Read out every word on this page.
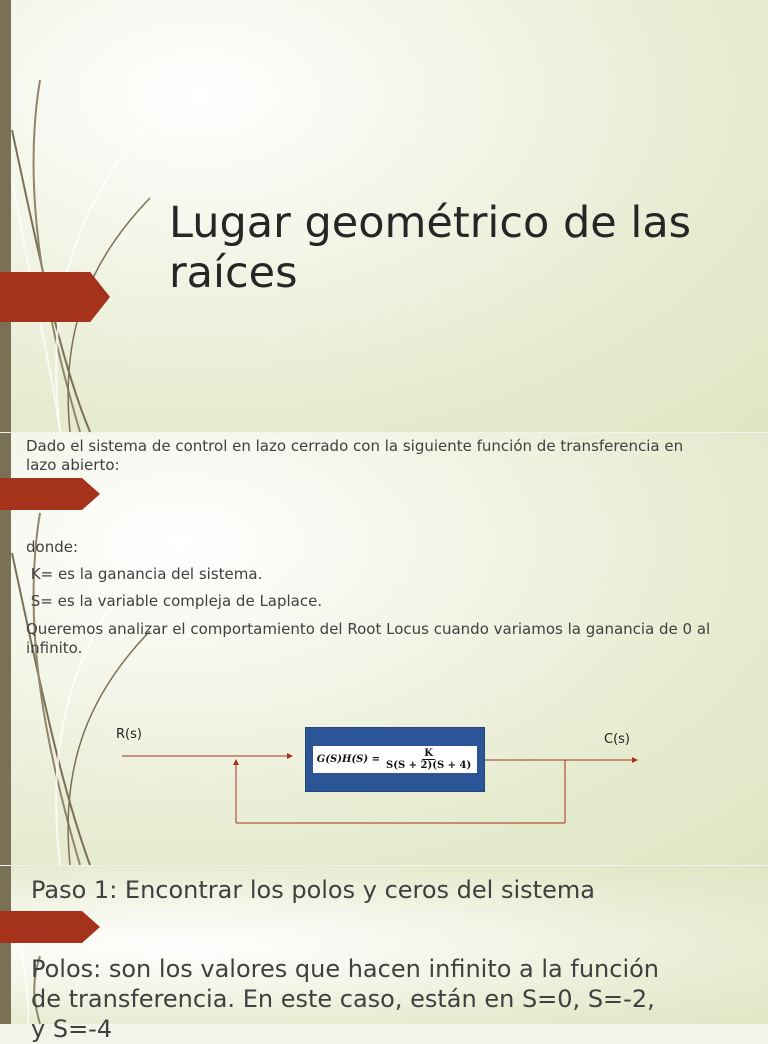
Lugar geométrico de las
raíces

Dado el sistema de control en lazo cerrado con la siguiente función de transferencia en lazo abierto:

donde:

K= es la ganancia del sistema.

S= es la variable compleja de Laplace.

Queremos analizar el comportamiento del Root Locus cuando variamos la ganancia de 0 al infinito.

R(s)	C(s)
$G(S)H(S) = \frac{K}{S(S + 2)(S + 4)}$

Paso 1: Encontrar los polos y ceros del sistema

Polos: son los valores que hacen infinito a la función

de transferencia. En este caso, están en S=0, S=-2,

y S=-4
